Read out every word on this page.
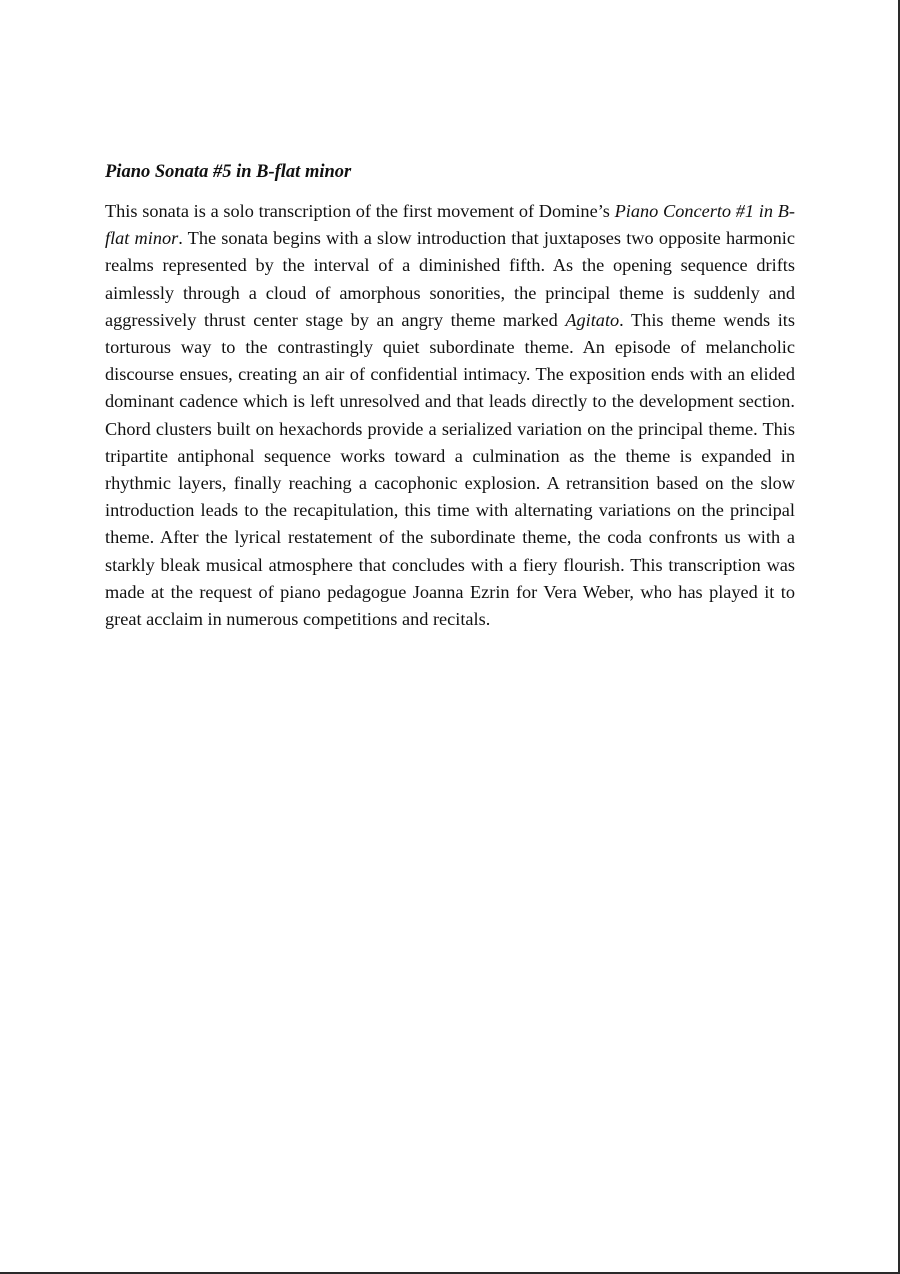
Piano Sonata #5 in B-flat minor

This sonata is a solo transcription of the first movement of Domine’s Piano Concerto #1 in B-flat minor. The sonata begins with a slow introduction that juxtaposes two opposite harmonic realms represented by the interval of a diminished fifth. As the opening sequence drifts aimlessly through a cloud of amorphous sonorities, the principal theme is suddenly and aggressively thrust center stage by an angry theme marked Agitato. This theme wends its torturous way to the contrastingly quiet subordinate theme. An episode of melancholic discourse ensues, creating an air of confidential intimacy. The exposition ends with an elided dominant cadence which is left unresolved and that leads directly to the development section. Chord clusters built on hexachords provide a serialized variation on the principal theme. This tripartite antiphonal sequence works toward a culmination as the theme is expanded in rhythmic layers, finally reaching a cacophonic explosion. A retransition based on the slow introduction leads to the recapitulation, this time with alternating variations on the principal theme. After the lyrical restatement of the subordinate theme, the coda confronts us with a starkly bleak musical atmosphere that concludes with a fiery flourish. This transcription was made at the request of piano pedagogue Joanna Ezrin for Vera Weber, who has played it to great acclaim in numerous competitions and recitals.
